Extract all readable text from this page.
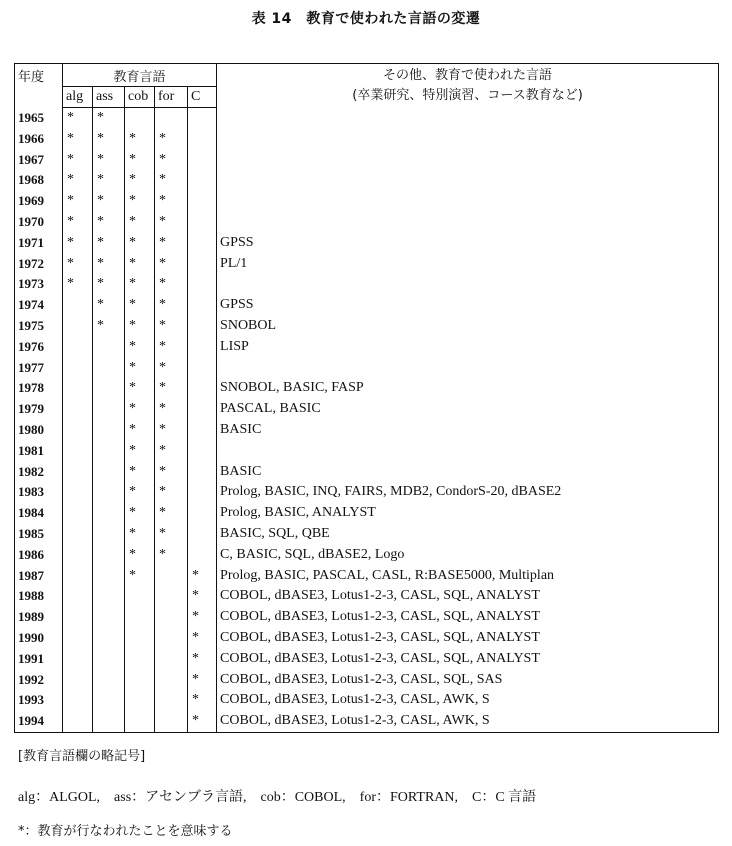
表 14　教育で使われた言語の変遷
年度	教育言語					その他、教育で使われた言語
(卒業研究、特別演習、コース教育など)

	alg	ass	cob	for	C	
1965	*	*				
1966	*	*	*	*		
1967	*	*	*	*		
1968	*	*	*	*		
1969	*	*	*	*		
1970	*	*	*	*		
1971	*	*	*	*		GPSS
1972	*	*	*	*		PL/1
1973	*	*	*	*		
1974		*	*	*		GPSS
1975		*	*	*		SNOBOL
1976			*	*		LISP
1977			*	*		
1978			*	*		SNOBOL, BASIC, FASP
1979			*	*		PASCAL, BASIC
1980			*	*		BASIC
1981			*	*		
1982			*	*		BASIC
1983			*	*		Prolog, BASIC, INQ, FAIRS, MDB2, CondorS-20, dBASE2
1984			*	*		Prolog, BASIC, ANALYST
1985			*	*		BASIC, SQL, QBE
1986			*	*		C, BASIC, SQL, dBASE2, Logo
1987			*		*	Prolog, BASIC, PASCAL, CASL, R:BASE5000, Multiplan
1988					*	COBOL, dBASE3, Lotus1-2-3, CASL, SQL, ANALYST
1989					*	COBOL, dBASE3, Lotus1-2-3, CASL, SQL, ANALYST
1990					*	COBOL, dBASE3, Lotus1-2-3, CASL, SQL, ANALYST
1991					*	COBOL, dBASE3, Lotus1-2-3, CASL, SQL, ANALYST
1992					*	COBOL, dBASE3, Lotus1-2-3, CASL, SQL, SAS
1993					*	COBOL, dBASE3, Lotus1-2-3, CASL, AWK, S
1994					*	COBOL, dBASE3, Lotus1-2-3, CASL, AWK, S
[教育言語欄の略記号]
alg：ALGOL,　ass：アセンブラ言語,　cob：COBOL,　for：FORTRAN,　C：C 言語
*：教育が行なわれたことを意味する
